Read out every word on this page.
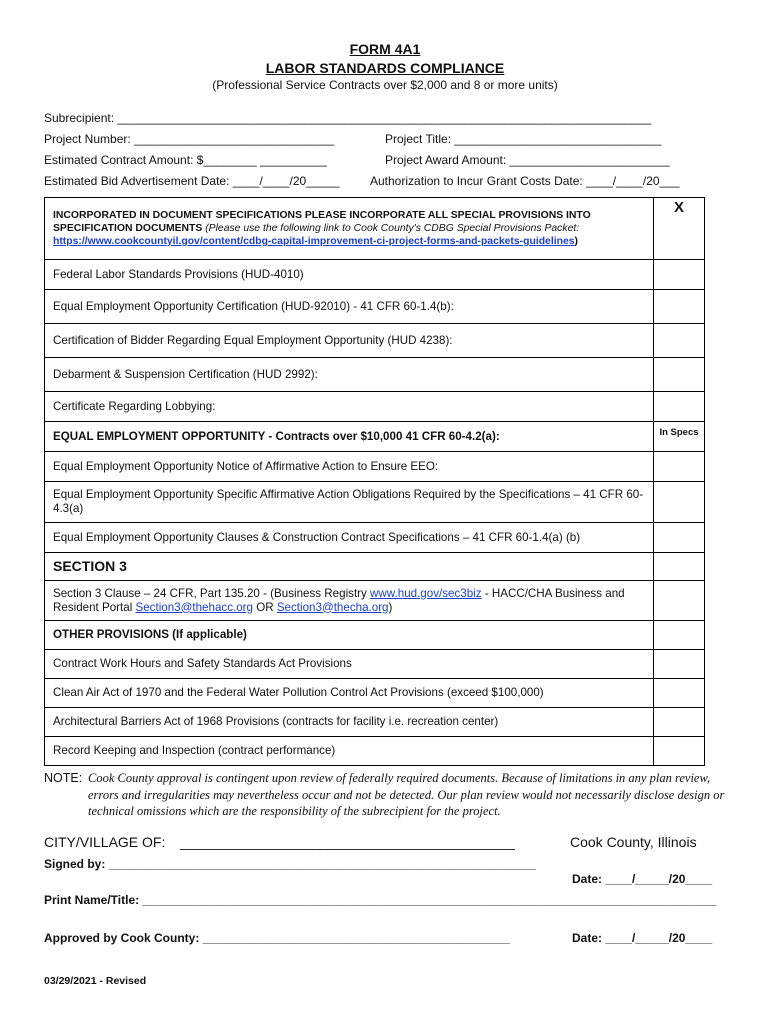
FORM 4A1
LABOR STANDARDS COMPLIANCE
(Professional Service Contracts over $2,000 and 8 or more units)
Subrecipient: ________________________________________________________________________________
Project Number: ______________________________	Project Title: _______________________________
Estimated Contract Amount: $________ __________	Project Award Amount: ________________________
Estimated Bid Advertisement Date: ____/____/20_____	Authorization to Incur Grant Costs Date: ____/____/20___
INCORPORATED IN DOCUMENT SPECIFICATIONS PLEASE INCORPORATE ALL SPECIAL PROVISIONS INTO SPECIFICATION DOCUMENTS (Please use the following link to Cook County's CDBG Special Provisions Packet: https://www.cookcountyil.gov/content/cdbg-capital-improvement-ci-project-forms-and-packets-guidelines)	X
Federal Labor Standards Provisions (HUD-4010)	
Equal Employment Opportunity Certification (HUD-92010) - 41 CFR 60-1.4(b):	
Certification of Bidder Regarding Equal Employment Opportunity (HUD 4238):	
Debarment & Suspension Certification (HUD 2992):	
Certificate Regarding Lobbying:	
EQUAL EMPLOYMENT OPPORTUNITY - Contracts over $10,000 41 CFR 60-4.2(a):	In Specs
Equal Employment Opportunity Notice of Affirmative Action to Ensure EEO:	
Equal Employment Opportunity Specific Affirmative Action Obligations Required by the Specifications – 41 CFR 60-4.3(a)	
Equal Employment Opportunity Clauses & Construction Contract Specifications – 41 CFR 60-1.4(a) (b)	
SECTION 3	
Section 3 Clause – 24 CFR, Part 135.20 - (Business Registry www.hud.gov/sec3biz - HACC/CHA Business and Resident Portal Section3@thehacc.org OR Section3@thecha.org)	
OTHER PROVISIONS (If applicable)	
Contract Work Hours and Safety Standards Act Provisions	
Clean Air Act of 1970 and the Federal Water Pollution Control Act Provisions (exceed $100,000)	
Architectural Barriers Act of 1968 Provisions (contracts for facility i.e. recreation center)	
Record Keeping and Inspection (contract performance)	
NOTE: Cook County approval is contingent upon review of federally required documents. Because of limitations in any plan review, errors and irregularities may nevertheless occur and not be detected. Our plan review would not necessarily disclose design or technical omissions which are the responsibility of the subrecipient for the project.
CITY/VILLAGE OF: ___________________________________________	Cook County, Illinois
Signed by: ________________________________________________________________
Date: ____/_____/20____
Print Name/Title: ______________________________________________________________________________________
Approved by Cook County: ______________________________________________	Date: ____/_____/20____
03/29/2021 - Revised
